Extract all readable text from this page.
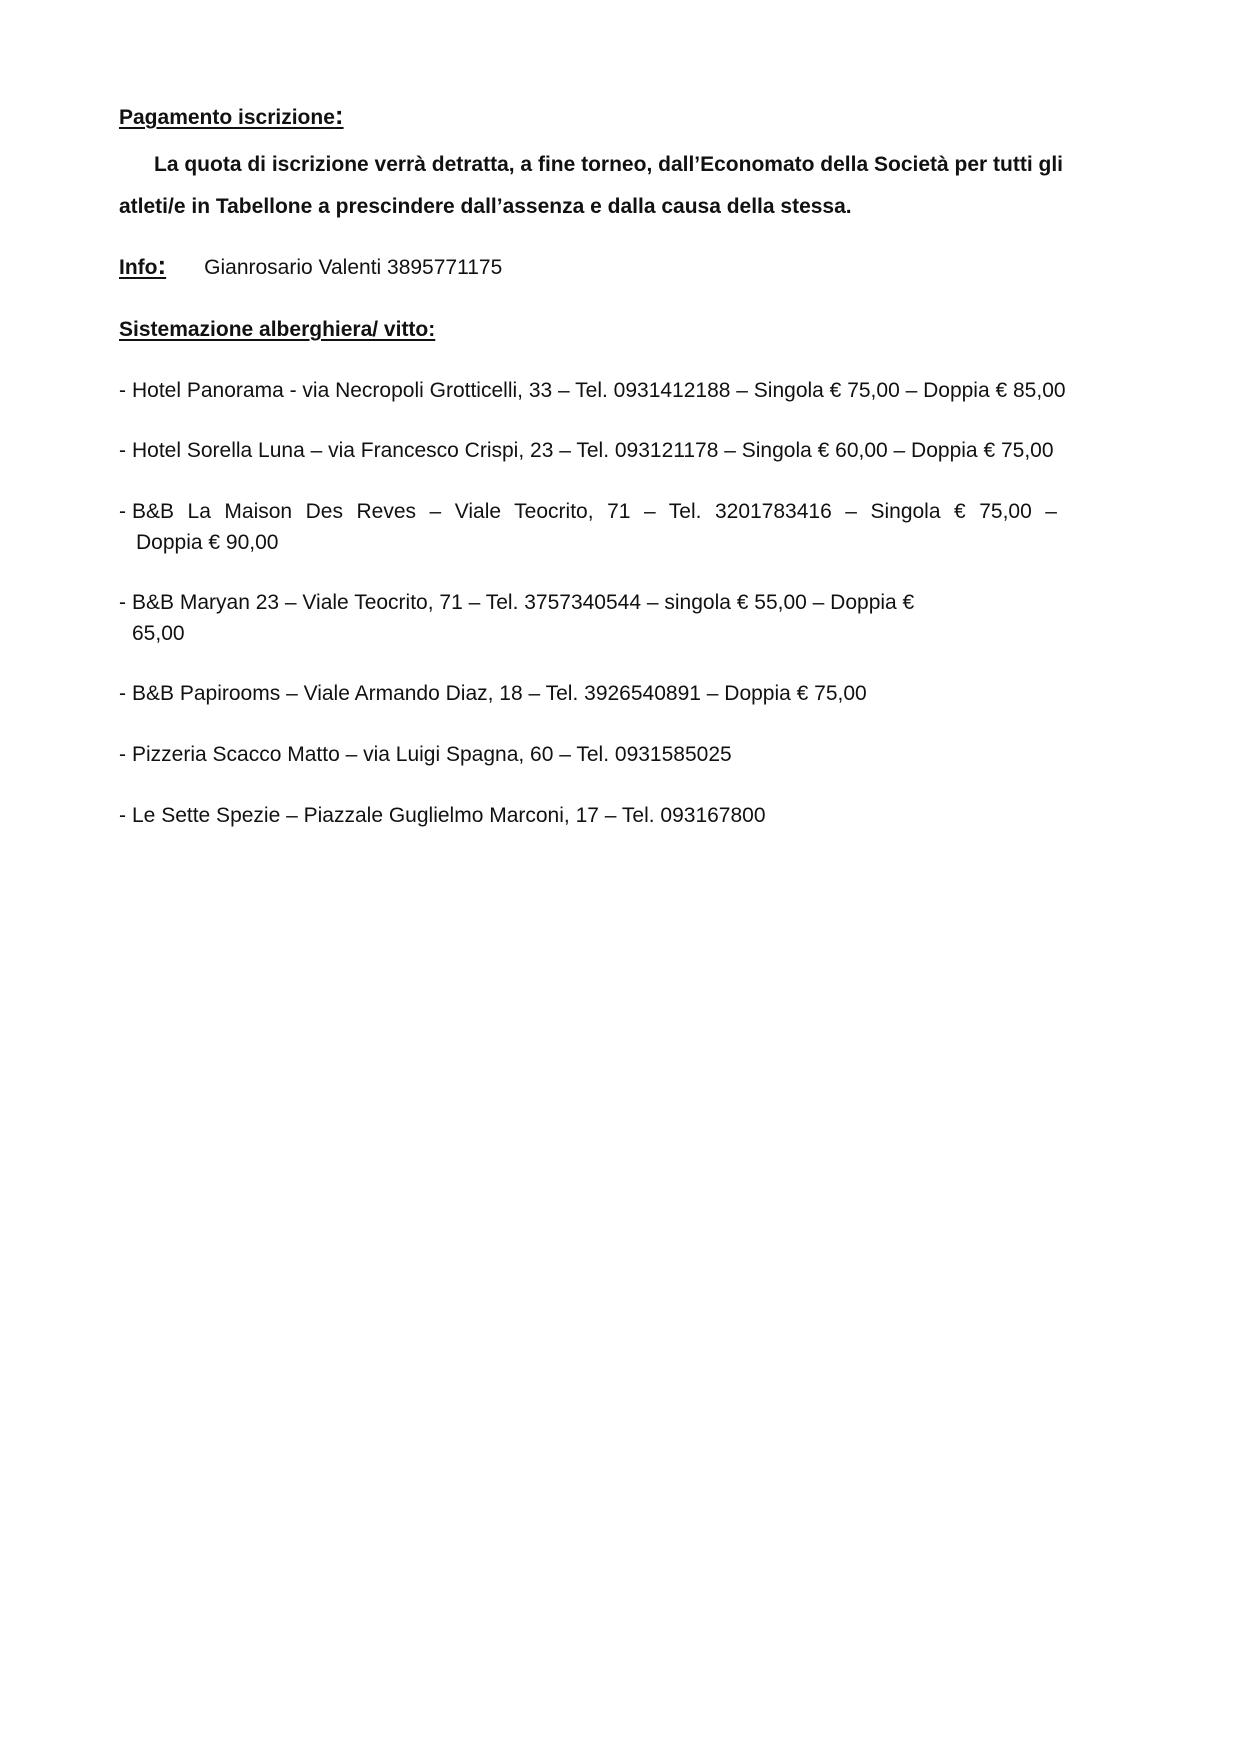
Pagamento iscrizione:
La quota di iscrizione verrà detratta, a fine torneo, dall’Economato della Società per tutti gli atleti/e in Tabellone a prescindere dall’assenza e dalla causa della stessa.
Info: Gianrosario Valenti 3895771175
Sistemazione alberghiera/ vitto:
- Hotel Panorama - via Necropoli Grotticelli, 33 – Tel. 0931412188 – Singola € 75,00 – Doppia € 85,00
- Hotel Sorella Luna – via Francesco Crispi, 23 – Tel. 093121178 – Singola € 60,00 – Doppia € 75,00
- B&B La Maison Des Reves – Viale Teocrito, 71 – Tel. 3201783416 – Singola € 75,00 –
Doppia € 90,00
- B&B Maryan 23 – Viale Teocrito, 71 – Tel. 3757340544 – singola € 55,00 – Doppia €
65,00
- B&B Papirooms – Viale Armando Diaz, 18 – Tel. 3926540891 – Doppia € 75,00
- Pizzeria Scacco Matto – via Luigi Spagna, 60 – Tel. 0931585025
- Le Sette Spezie – Piazzale Guglielmo Marconi, 17 – Tel. 093167800
